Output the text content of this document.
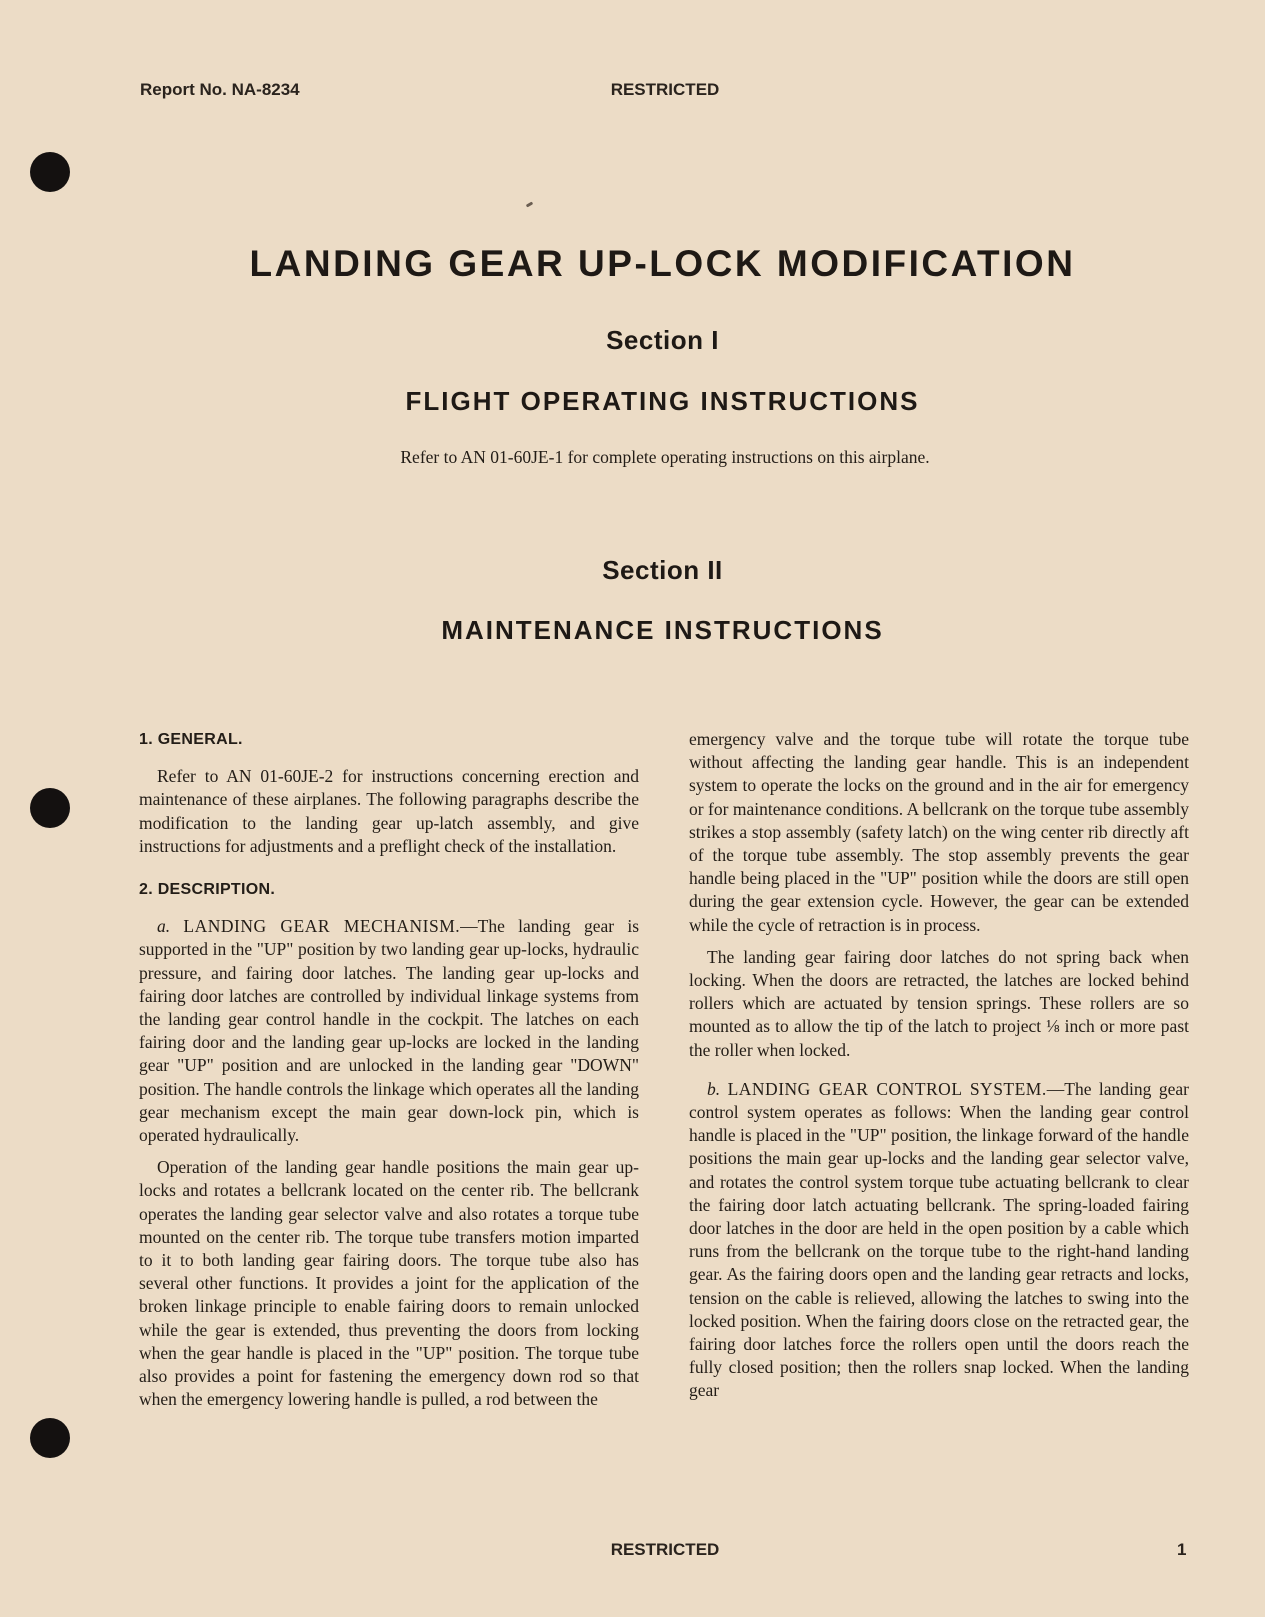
Report No. NA-8234	RESTRICTED
LANDING GEAR UP-LOCK MODIFICATION
Section I
FLIGHT OPERATING INSTRUCTIONS
Refer to AN 01-60JE-1 for complete operating instructions on this airplane.
Section II
MAINTENANCE INSTRUCTIONS
1. GENERAL.

Refer to AN 01-60JE-2 for instructions concerning erection and maintenance of these airplanes. The following paragraphs describe the modification to the landing gear up-latch assembly, and give instructions for adjustments and a preflight check of the installation.

2. DESCRIPTION.

a. LANDING GEAR MECHANISM.—The landing gear is supported in the "UP" position by two landing gear up-locks, hydraulic pressure, and fairing door latches. The landing gear up-locks and fairing door latches are controlled by individual linkage systems from the landing gear control handle in the cockpit. The latches on each fairing door and the landing gear up-locks are locked in the landing gear "UP" position and are unlocked in the landing gear "DOWN" position. The handle controls the linkage which operates all the landing gear mechanism except the main gear down-lock pin, which is operated hydraulically.

Operation of the landing gear handle positions the main gear up-locks and rotates a bellcrank located on the center rib. The bellcrank operates the landing gear selector valve and also rotates a torque tube mounted on the center rib. The torque tube transfers motion imparted to it to both landing gear fairing doors. The torque tube also has several other functions. It provides a joint for the application of the broken linkage principle to enable fairing doors to remain unlocked while the gear is extended, thus preventing the doors from locking when the gear handle is placed in the "UP" position. The torque tube also provides a point for fastening the emergency down rod so that when the emergency lowering handle is pulled, a rod between the

emergency valve and the torque tube will rotate the torque tube without affecting the landing gear handle. This is an independent system to operate the locks on the ground and in the air for emergency or for maintenance conditions. A bellcrank on the torque tube assembly strikes a stop assembly (safety latch) on the wing center rib directly aft of the torque tube assembly. The stop assembly prevents the gear handle being placed in the "UP" position while the doors are still open during the gear extension cycle. However, the gear can be extended while the cycle of retraction is in process.

The landing gear fairing door latches do not spring back when locking. When the doors are retracted, the latches are locked behind rollers which are actuated by tension springs. These rollers are so mounted as to allow the tip of the latch to project ⅛ inch or more past the roller when locked.

b. LANDING GEAR CONTROL SYSTEM.—The landing gear control system operates as follows: When the landing gear control handle is placed in the "UP" position, the linkage forward of the handle positions the main gear up-locks and the landing gear selector valve, and rotates the control system torque tube actuating bellcrank to clear the fairing door latch actuating bellcrank. The spring-loaded fairing door latches in the door are held in the open position by a cable which runs from the bellcrank on the torque tube to the right-hand landing gear. As the fairing doors open and the landing gear retracts and locks, tension on the cable is relieved, allowing the latches to swing into the locked position. When the fairing doors close on the retracted gear, the fairing door latches force the rollers open until the doors reach the fully closed position; then the rollers snap locked. When the landing gear

RESTRICTED	1
